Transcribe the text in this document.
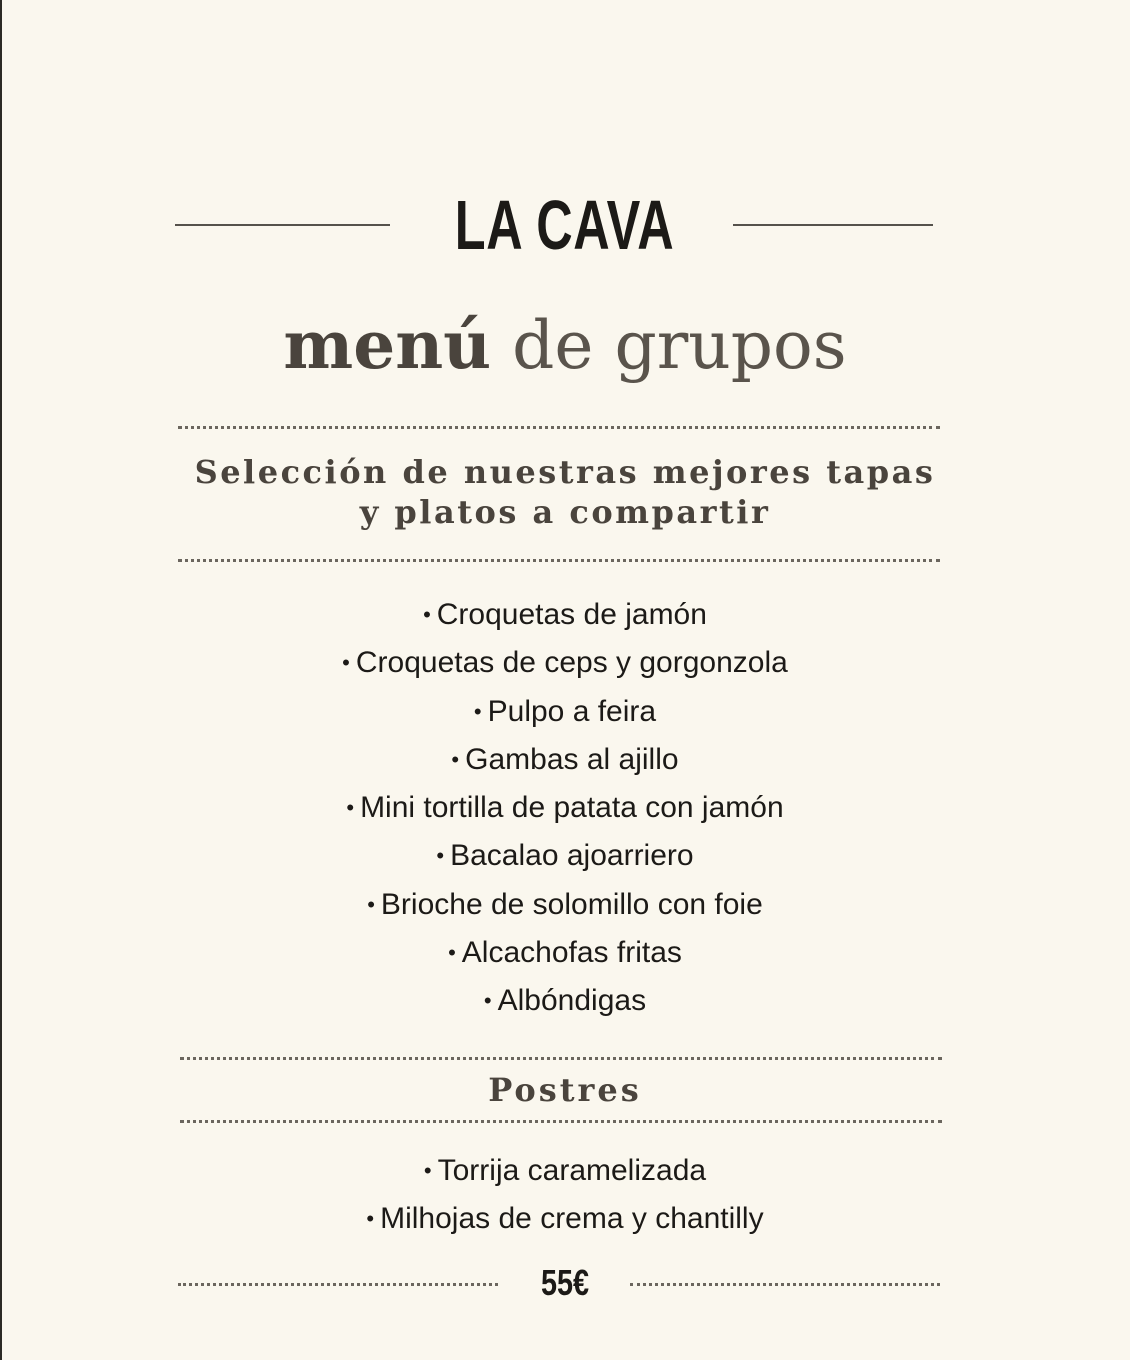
LA CAVA
menú de grupos
Selección de nuestras mejores tapas
y platos a compartir
• Croquetas de jamón
• Croquetas de ceps y gorgonzola
• Pulpo a feira
• Gambas al ajillo
• Mini tortilla de patata con jamón
• Bacalao ajoarriero
• Brioche de solomillo con foie
• Alcachofas fritas
• Albóndigas
Postres
• Torrija caramelizada
• Milhojas de crema y chantilly
55€
